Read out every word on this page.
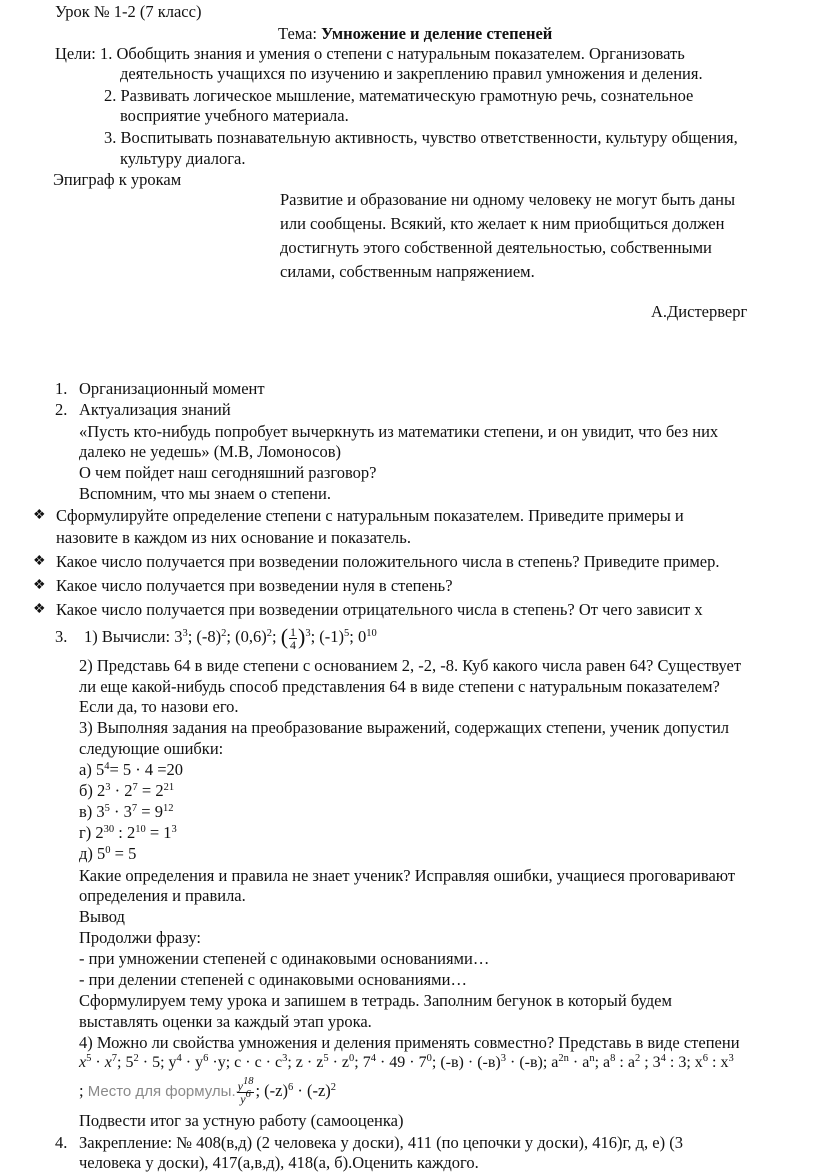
Урок № 1-2 (7 класс)
Тема: Умножение и деление степеней
Цели: 1. Обобщить знания и умения о степени с натуральным показателем. Организовать
деятельность учащихся по изучению и закреплению правил умножения и деления.
2. Развивать логическое мышление, математическую грамотную речь, сознательное
восприятие учебного материала.
3. Воспитывать познавательную активность, чувство ответственности, культуру общения,
культуру диалога.
Эпиграф к урокам
Развитие и образование ни одному человеку не могут быть даны
или сообщены. Всякий, кто желает к ним приобщиться должен
достигнуть этого собственной деятельностью, собственными
силами, собственным напряжением.
А.Дистерверг
1. Организационный момент
2. Актуализация знаний
«Пусть кто-нибудь попробует вычеркнуть из математики степени, и он увидит, что без них
далеко не уедешь» (М.В, Ломоносов)
О чем пойдет наш сегодняшний разговор?
Вспомним, что мы знаем о степени.
❖ Сформулируйте определение степени с натуральным показателем. Приведите примеры и
назовите в каждом из них основание и показатель.
❖ Какое число получается при возведении положительного числа в степень? Приведите пример.
❖ Какое число получается при возведении нуля в степень?
❖ Какое число получается при возведении отрицательного числа в степень? От чего зависит х
3. 1) Вычисли: $3^3$; $(-8)^2$; $(0,6)^2$; ( $\frac{1}{4} )^3$; $(-1)^5$; $0^{10}$
2) Представь 64 в виде степени с основанием 2, -2, -8. Куб какого числа равен 64? Существует
ли еще какой-нибудь способ представления 64 в виде степени с натуральным показателем?
Если да, то назови его.
3) Выполняя задания на преобразование выражений, содержащих степени, ученик допустил
следующие ошибки:
а) $5^4= 5 \cdot 4 =20$
б) $2^3 \cdot 2^7 = 2^{21}$
в) $3^5 \cdot 3^7 = 9^{12}$
г) $2^{30}$ : $2^{10} = 1^3$
д) $5^0 = 5$
Какие определения и правила не знает ученик? Исправляя ошибки, учащиеся проговаривают
определения и правила.
Вывод
Продолжи фразу:
- при умножении степеней с одинаковыми основаниями…
- при делении степеней с одинаковыми основаниями…
Сформулируем тему урока и запишем в тетрадь. Заполним бегунок в который будем
выставлять оценки за каждый этап урока.
4) Можно ли свойства умножения и деления применять совместно? Представь в виде степени
$x^5 \cdot x^7$; $5^2 \cdot 5$; $y^4 \cdot y^6 \cdot y$; $c \cdot c \cdot c^3$; $z \cdot z^5 \cdot z^0$; $7^4 \cdot 49 \cdot 7^0$; $(-в) \cdot (-в)^3 \cdot (-в)$; $a^{2n} \cdot a^n$; $a^8$ : $a^2$ ; $3^4$ : 3; $x^6$ : $x^3$
; Место для формулы. $\frac{y^{18}}{y^6}$ ; $(-z)^6 \cdot (-z)^2$
Подвести итог за устную работу (самооценка)
4. Закрепление: № 408(в,д) (2 человека у доски), 411 (по цепочки у доски), 416)г, д, е) (3
человека у доски), 417(а,в,д), 418(а, б).Оценить каждого.
